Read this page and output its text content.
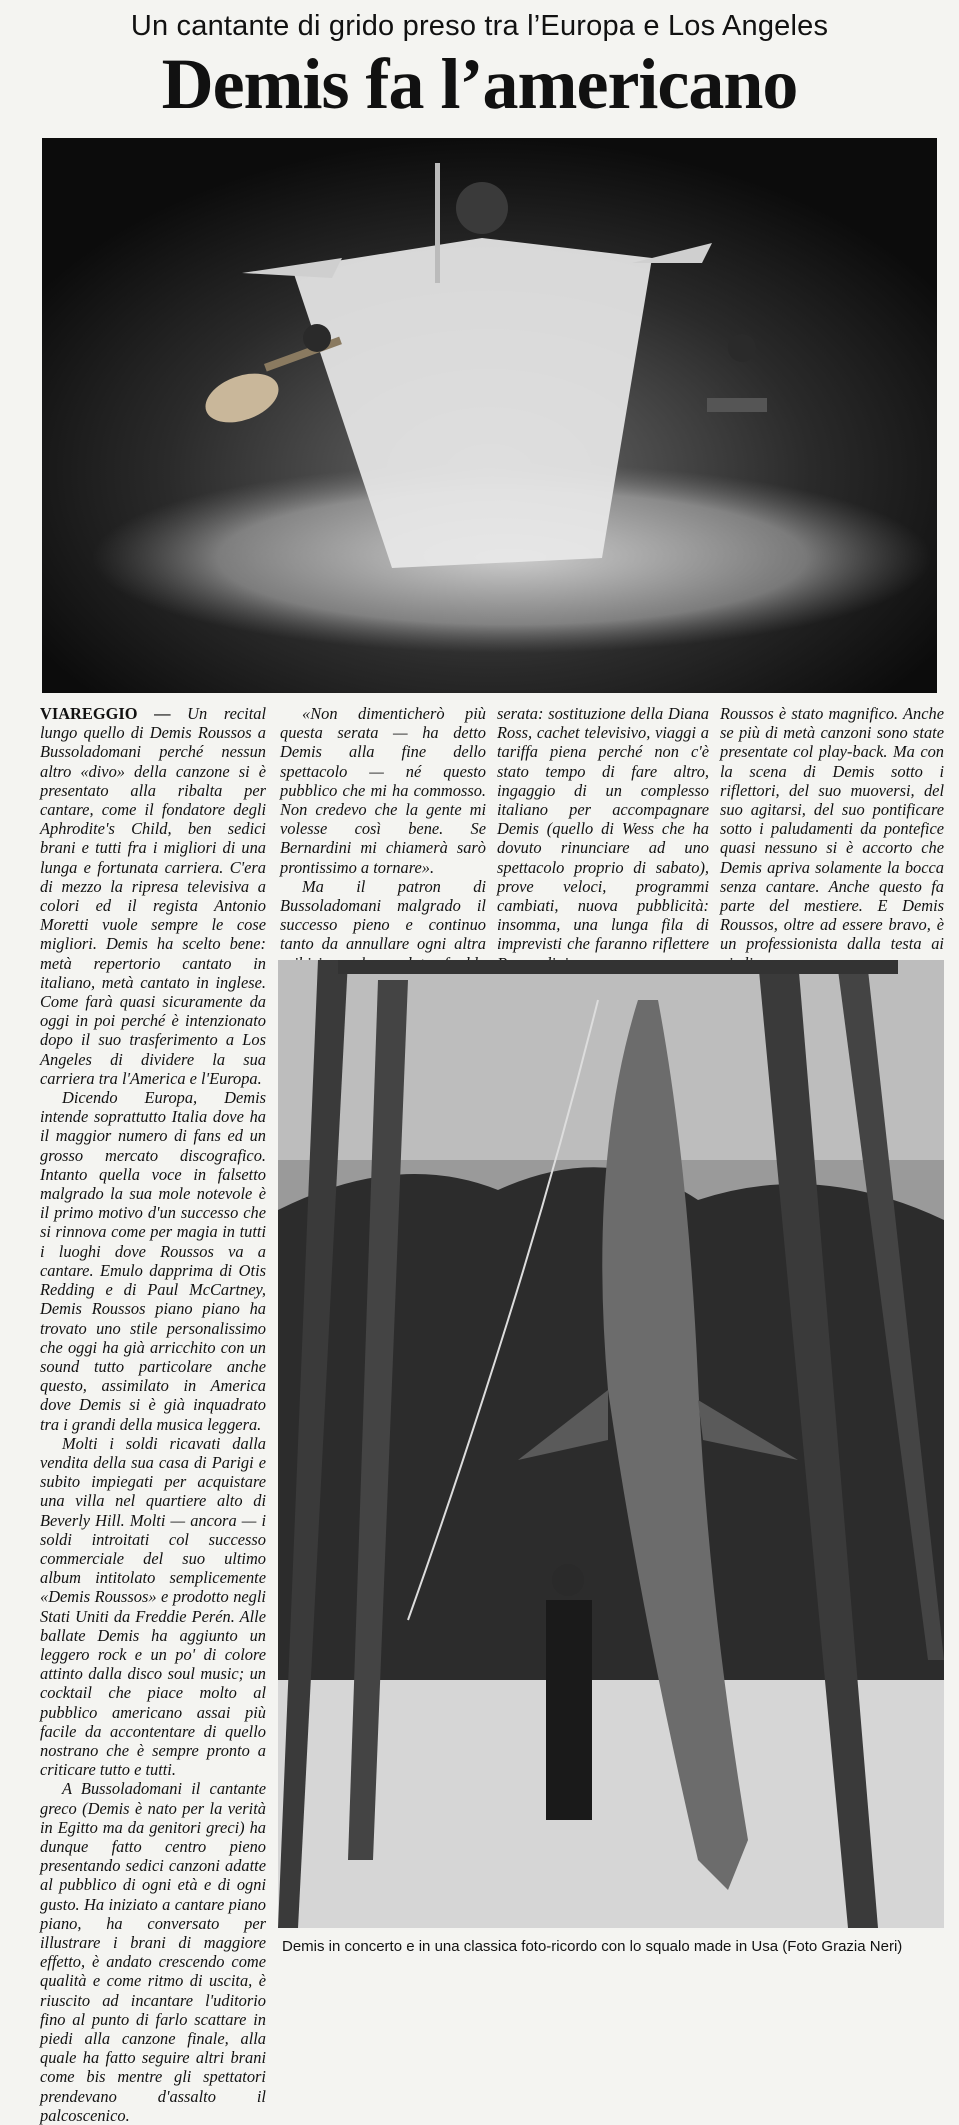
Un cantante di grido preso tra l’Europa e Los Angeles
Demis fa l’americano

VIAREGGIO — Un recital lungo quello di Demis Roussos a Bussoladomani perché nessun altro «divo» della canzone si è presentato alla ribalta per cantare, come il fondatore degli Aphrodite's Child, ben sedici brani e tutti fra i migliori di una lunga e fortunata carriera. C'era di mezzo la ripresa televisiva a colori ed il regista Antonio Moretti vuole sempre le cose migliori. Demis ha scelto bene: metà repertorio cantato in italiano, metà cantato in inglese. Come farà quasi sicuramente da oggi in poi perché è intenzionato dopo il suo trasferimento a Los Angeles di dividere la sua carriera tra l'America e l'Europa.

Dicendo Europa, Demis intende soprattutto Italia dove ha il maggior numero di fans ed un grosso mercato discografico. Intanto quella voce in falsetto malgrado la sua mole notevole è il primo motivo d'un successo che si rinnova come per magia in tutti i luoghi dove Roussos va a cantare. Emulo dapprima di Otis Redding e di Paul McCartney, Demis Roussos piano piano ha trovato uno stile personalissimo che oggi ha già arricchito con un sound tutto particolare anche questo, assimilato in America dove Demis si è già inquadrato tra i grandi della musica leggera.

Molti i soldi ricavati dalla vendita della sua casa di Parigi e subito impiegati per acquistare una villa nel quartiere alto di Beverly Hill. Molti — ancora — i soldi introitati col successo commerciale del suo ultimo album intitolato semplicemente «Demis Roussos» e prodotto negli Stati Uniti da Freddie Perén. Alle ballate Demis ha aggiunto un leggero rock e un po' di colore attinto dalla disco soul music; un cocktail che piace molto al pubblico americano assai più facile da accontentare di quello nostrano che è sempre pronto a criticare tutto e tutti.

A Bussoladomani il cantante greco (Demis è nato per la verità in Egitto ma da genitori greci) ha dunque fatto centro pieno presentando sedici canzoni adatte al pubblico di ogni età e di ogni gusto. Ha iniziato a cantare piano piano, ha conversato per illustrare i brani di maggiore effetto, è andato crescendo come qualità e come ritmo di uscita, è riuscito ad incantare l'uditorio fino al punto di farlo scattare in piedi alla canzone finale, alla quale ha fatto seguire altri brani come bis mentre gli spettatori prendevano d'assalto il palcoscenico.

«Non dimenticherò più questa serata — ha detto Demis alla fine dello spettacolo — né questo pubblico che mi ha commosso. Non credevo che la gente mi volesse così bene. Se Bernardini mi chiamerà sarò prontissimo a tornare».

Ma il patron di Bussoladomani malgrado il successo pieno e continuo tanto da annullare ogni altra

serata: sostituzione della Diana Ross, cachet televisivo, viaggi a tariffa piena perché non c'è stato tempo di fare altro, ingaggio di un complesso italiano per accompagnare Demis (quello di Wess che ha dovuto rinunciare ad uno spettacolo proprio di sabato), prove veloci, programmi cambiati, nuova pubblicità: insomma, una lunga fila di imprevisti che faranno riflettere

Roussos è stato magnifico. Anche se più di metà canzoni sono state presentate col play-back. Ma con la scena di Demis sotto i riflettori, del suo muoversi, del suo agitarsi, del suo pontificare sotto i paludamenti da pontefice quasi nessuno si è accorto che Demis apriva solamente la bocca senza cantare. Anche questo fa parte del mestiere. E Demis Roussos, oltre ad essere bravo, è un professionista dalla testa ai

Demis in concerto e in una classica foto-ricordo con lo squalo made in Usa (Foto Grazia Neri)
